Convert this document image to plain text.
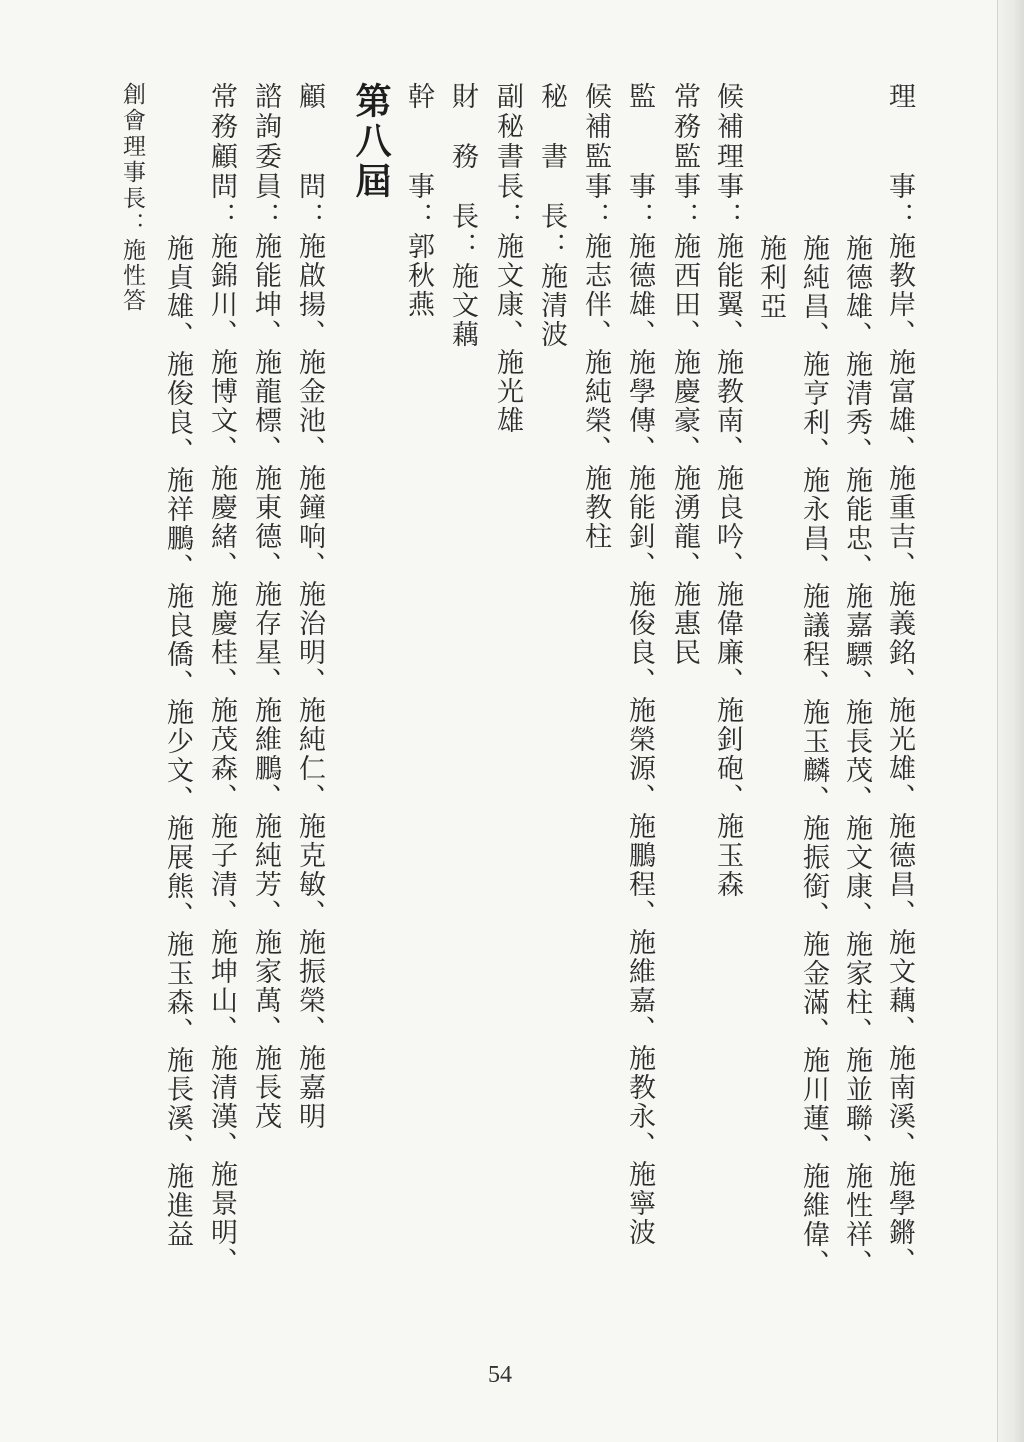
理　　事：施教岸、施富雄、施重吉、施義銘、施光雄、施德昌、施文藕、施南溪、施學鏘、
施德雄、施清秀、施能忠、施嘉驃、施長茂、施文康、施家柱、施並聯、施性祥、
施純昌、施亨利、施永昌、施議程、施玉麟、施振銜、施金滿、施川蓮、施維偉、
施利亞
候補理事：施能翼、施教南、施良吟、施偉廉、施釗砲、施玉森
常務監事：施西田、施慶豪、施湧龍、施惠民
監　　事：施德雄、施學傳、施能釗、施俊良、施榮源、施鵬程、施維嘉、施教永、施寧波
候補監事：施志伴、施純榮、施教柱
秘　書　長：施清波
副秘書長：施文康、施光雄
財　務　長：施文藕
幹　　事：郭秋燕
第八屆
顧　　問：施啟揚、施金池、施鐘响、施治明、施純仁、施克敏、施振榮、施嘉明
諮詢委員：施能坤、施龍標、施東德、施存星、施維鵬、施純芳、施家萬、施長茂
常務顧問：施錦川、施博文、施慶緒、施慶桂、施茂森、施子清、施坤山、施清漢、施景明、
施貞雄、施俊良、施祥鵬、施良僑、施少文、施展熊、施玉森、施長溪、施進益
創會理事長：施性答
54
